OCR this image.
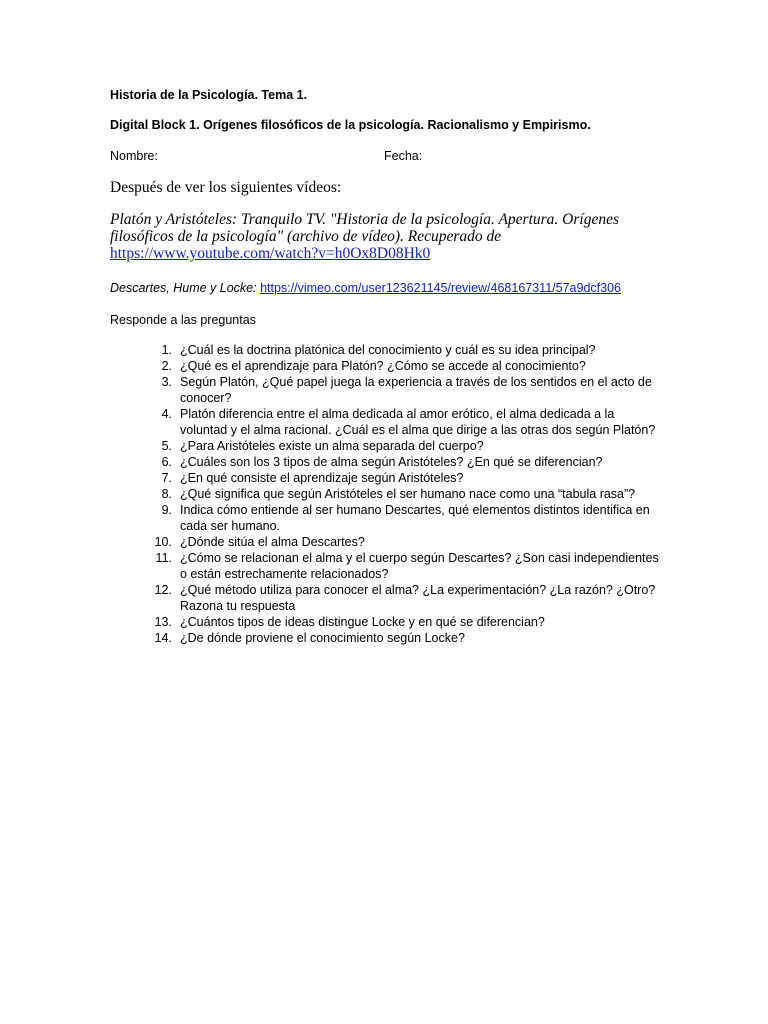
Historia de la Psicología. Tema 1.
Digital Block 1. Orígenes filosóficos de la psicología. Racionalismo y Empirismo.
Nombre:	Fecha:
Después de ver los siguientes vídeos:
Platón y Aristóteles: Tranquilo TV. "Historia de la psicología. Apertura. Orígenes filosóficos de la psicología" (archivo de vídeo). Recuperado de
https://www.youtube.com/watch?v=h0Ox8D08Hk0
Descartes, Hume y Locke: https://vimeo.com/user123621145/review/468167311/57a9dcf306
Responde a las preguntas
1. ¿Cuál es la doctrina platónica del conocimiento y cuál es su idea principal?
2. ¿Qué es el aprendizaje para Platón? ¿Cómo se accede al conocimiento?
3. Según Platón, ¿Qué papel juega la experiencia a través de los sentidos en el acto de conocer?
4. Platón diferencia entre el alma dedicada al amor erótico, el alma dedicada a la voluntad y el alma racional. ¿Cuál es el alma que dirige a las otras dos según Platón?
5. ¿Para Aristóteles existe un alma separada del cuerpo?
6. ¿Cuáles son los 3 tipos de alma según Aristóteles? ¿En qué se diferencian?
7. ¿En qué consiste el aprendizaje según Aristóteles?
8. ¿Qué significa que según Aristóteles el ser humano nace como una “tabula rasa”?
9. Indica cómo entiende al ser humano Descartes, qué elementos distintos identifica en cada ser humano.
10. ¿Dónde sitúa el alma Descartes?
11. ¿Cómo se relacionan el alma y el cuerpo según Descartes? ¿Son casi independientes o están estrechamente relacionados?
12. ¿Qué método utiliza para conocer el alma? ¿La experimentación? ¿La razón? ¿Otro? Razona tu respuesta
13. ¿Cuántos tipos de ideas distingue Locke y en qué se diferencian?
14. ¿De dónde proviene el conocimiento según Locke?
